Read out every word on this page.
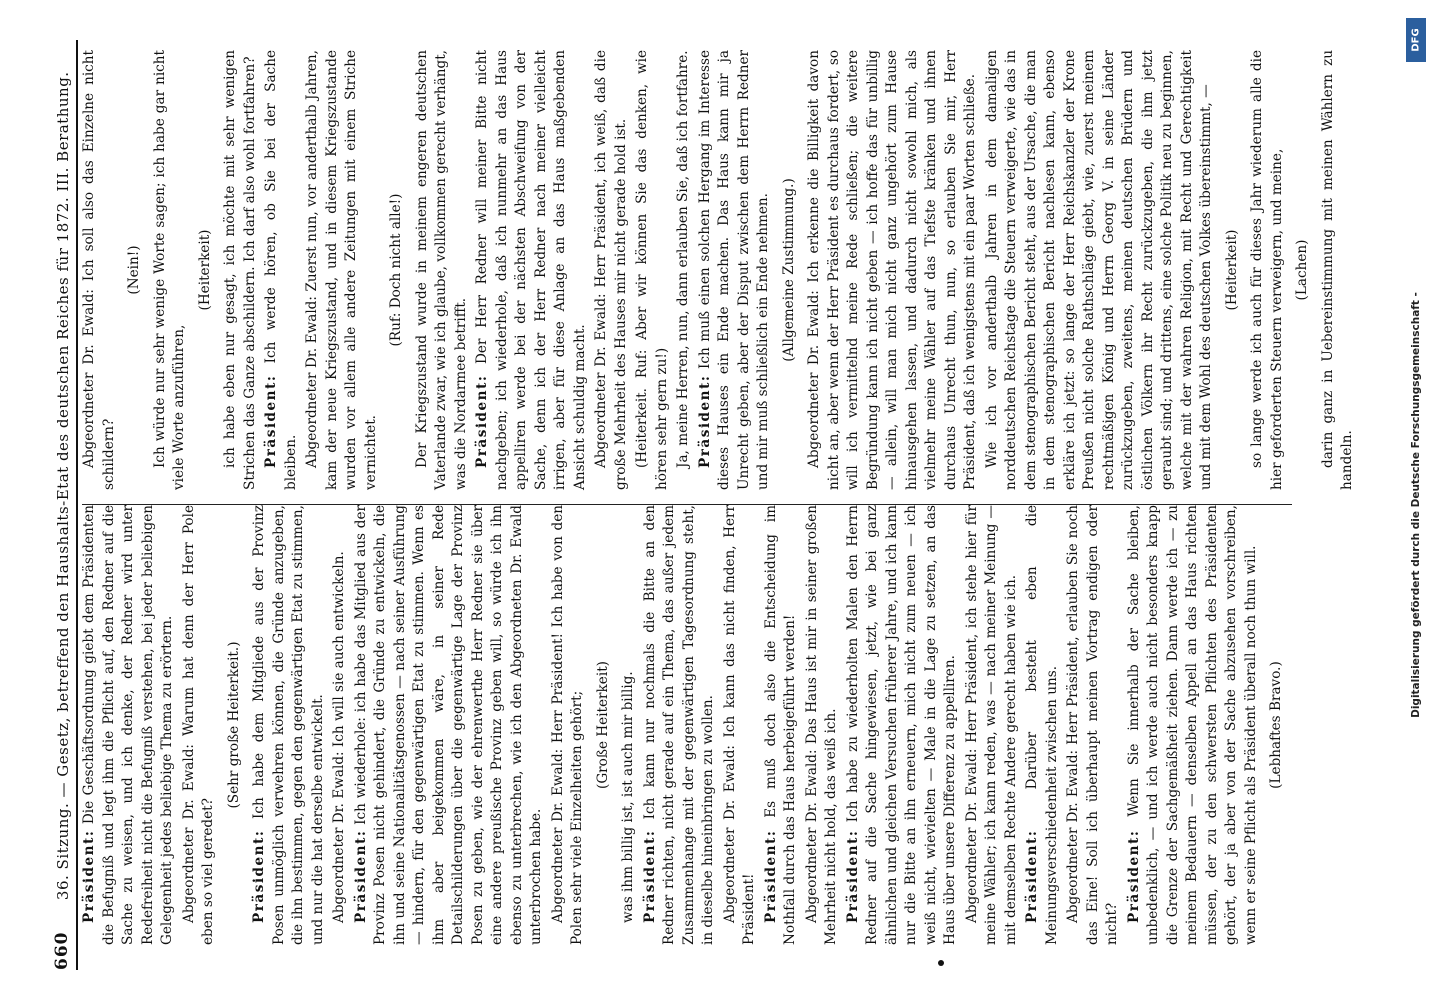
660
36. Sitzung. — Gesetz, betreffend den Haushalts-Etat des deutschen Reiches für 1872. III. Berathung. Präsident: Die Geschäftsordnung giebt dem Präsidenten die Befugniß und legt ihm die Pflicht auf, den Redner auf die Sache zu weisen, und ich denke, der Redner wird unter Redefreiheit nicht die Befugniß verstehen, bei jeder beliebigen Gelegenheit jedes beliebige Thema zu erörtern. Abgeordneter Dr. Ewald: Warum hat denn der Herr Pole eben so viel geredet?

(Sehr große Heiterkeit.)

Präsident: Ich habe dem Mitgliede aus der Provinz Posen unmöglich verwehren können, die Gründe anzugeben, die ihn bestimmen, gegen den gegenwärtigen Etat zu stimmen, und nur die hat derselbe entwickelt. Abgeordneter Dr. Ewald: Ich will sie auch entwickeln. Präsident: Ich wiederhole: ich habe das Mitglied aus der Provinz Posen nicht gehindert, die Gründe zu entwickeln, die ihn und seine Nationalitätsgenossen — nach seiner Ausführung — hindern, für den gegenwärtigen Etat zu stimmen. Wenn es ihm aber beigekommen wäre, in seiner Rede Detailschilderungen über die gegenwärtige Lage der Provinz Posen zu geben, wie der ehrenwerthe Herr Redner sie über eine andere preußische Provinz geben will, so würde ich ihn ebenso zu unterbrechen, wie ich den Abgeordneten Dr. Ewald unterbrochen habe. Abgeordneter Dr. Ewald: Herr Präsident! Ich habe von den Polen sehr viele Einzelheiten gehört; (Große Heiterkeit) was ihm billig ist, ist auch mir billig. Präsident: Ich kann nur nochmals die Bitte an den Redner richten, nicht gerade auf ein Thema, das außer jedem Zusammenhange mit der gegenwärtigen Tagesordnung steht, in dieselbe hineinbringen zu wollen. Abgeordneter Dr. Ewald: Ich kann das nicht finden, Herr Präsident! Präsident: Es muß doch also die Entscheidung im Nothfall durch das Haus herbeigeführt werden! Abgeordneter Dr. Ewald: Das Haus ist mir in seiner großen Mehrheit nicht hold, das weiß ich. Präsident: Ich habe zu wiederholten Malen den Herrn Redner auf die Sache hingewiesen, jetzt, wie bei ganz ähnlichen und gleichen Versuchen früherer Jahre, und ich kann nur die Bitte an ihn erneuern, mich nicht zum neuen — ich weiß nicht, wievielten — Male in die Lage zu setzen, an das Haus über unsere Differenz zu appelliren. Abgeordneter Dr. Ewald: Herr Präsident, ich stehe hier für meine Wähler; ich kann reden, was — nach meiner Meinung — mit demselben Rechte Andere gerecht haben wie ich. Präsident: Darüber besteht eben die Meinungsverschiedenheit zwischen uns. Abgeordneter Dr. Ewald: Herr Präsident, erlauben Sie noch das Eine! Soll ich überhaupt meinen Vortrag endigen oder nicht?

Präsident: Wenn Sie innerhalb der Sache bleiben, unbedenklich, — und ich werde auch nicht besonders knapp die Grenze der Sachgemäßheit ziehen. Dann werde ich — zu meinem Bedauern — denselben Appell an das Haus richten müssen, der zu den schwersten Pflichten des Präsidenten gehört, der ja aber von der Sache abzusehen vorschreiben, wenn er seine Pflicht als Präsident überall noch thun will. (Lebhaftes Bravo.)

Abgeordneter Dr. Ewald: Ich soll also das Einzelne nicht schildern?

(Nein!) Ich würde nur sehr wenige Worte sagen; ich habe gar nicht viele Worte anzuführen,

(Heiterkeit) ich habe eben nur gesagt, ich möchte mit sehr wenigen Strichen das Ganze abschildern. Ich darf also wohl fortfahren? Präsident: Ich werde hören, ob Sie bei der Sache bleiben. Abgeordneter Dr. Ewald: Zuerst nun, vor anderthalb Jahren, kam der neue Kriegszustand, und in diesem Kriegszustande wurden vor allem alle andere Zeitungen mit einem Striche vernichtet.

(Ruf: Doch nicht alle!) Der Kriegszustand wurde in meinem engeren deutschen Vaterlande zwar, wie ich glaube, vollkommen gerecht verhängt, was die Nordarmee betrifft. Präsident: Der Herr Redner will meiner Bitte nicht nachgeben; ich wiederhole, daß ich nunmehr an das Haus appelliren werde bei der nächsten Abschweifung von der Sache, denn ich der Herr Redner nach meiner vielleicht irrigen, aber für diese Anlage an das Haus maßgebenden Ansicht schuldig macht. Abgeordneter Dr. Ewald: Herr Präsident, ich weiß, daß die große Mehrheit des Hauses mir nicht gerade hold ist. (Heiterkeit. Ruf: Aber wir können Sie das denken, wie hören sehr gern zu!) Ja, meine Herren, nun, dann erlauben Sie, daß ich fortfahre. Präsident: Ich muß einen solchen Hergang im Interesse dieses Hauses ein Ende machen. Das Haus kann mir ja Unrecht geben, aber der Disput zwischen dem Herrn Redner und mir muß schließlich ein Ende nehmen. (Allgemeine Zustimmung.) Abgeordneter Dr. Ewald: Ich erkenne die Billigkeit davon nicht an, aber wenn der Herr Präsident es durchaus fordert, so will ich vermittelnd meine Rede schließen; die weitere Begründung kann ich nicht geben — ich hoffe das für unbillig — allein, will man mich nicht ganz ungehört zum Hause hinausgehen lassen, und dadurch nicht sowohl mich, als vielmehr meine Wähler auf das Tiefste kränken und ihnen durchaus Unrecht thun, nun, so erlauben Sie mir, Herr Präsident, daß ich wenigstens mit ein paar Worten schließe. Wie ich vor anderthalb Jahren in dem damaligen norddeutschen Reichstage die Steuern verweigerte, wie das in dem stenographischen Bericht steht, aus der Ursache, die man in dem stenographischen Bericht nachlesen kann, ebenso erkläre ich jetzt: so lange der Herr Reichskanzler der Krone Preußen nicht solche Rathschläge giebt, wie, zuerst meinem rechtmäßigen König und Herrn Georg V. in seine Länder zurückzugeben, zweitens, meinen deutschen Brüdern und östlichen Völkern ihr Recht zurückzugeben, die ihm jetzt geraubt sind; und drittens, eine solche Politik neu zu beginnen, welche mit der wahren Religion, mit Recht und Gerechtigkeit und mit dem Wohl des deutschen Volkes übereinstimmt, — (Heiterkeit) so lange werde ich auch für dieses Jahr wiederum alle die hier geforderten Steuern verweigern, und meine, (Lachen) darin ganz in Uebereinstimmung mit meinen Wählern zu handeln.	Digitalisierung gefördert durch die Deutsche Forschungsgemeinschaft -
DFG
